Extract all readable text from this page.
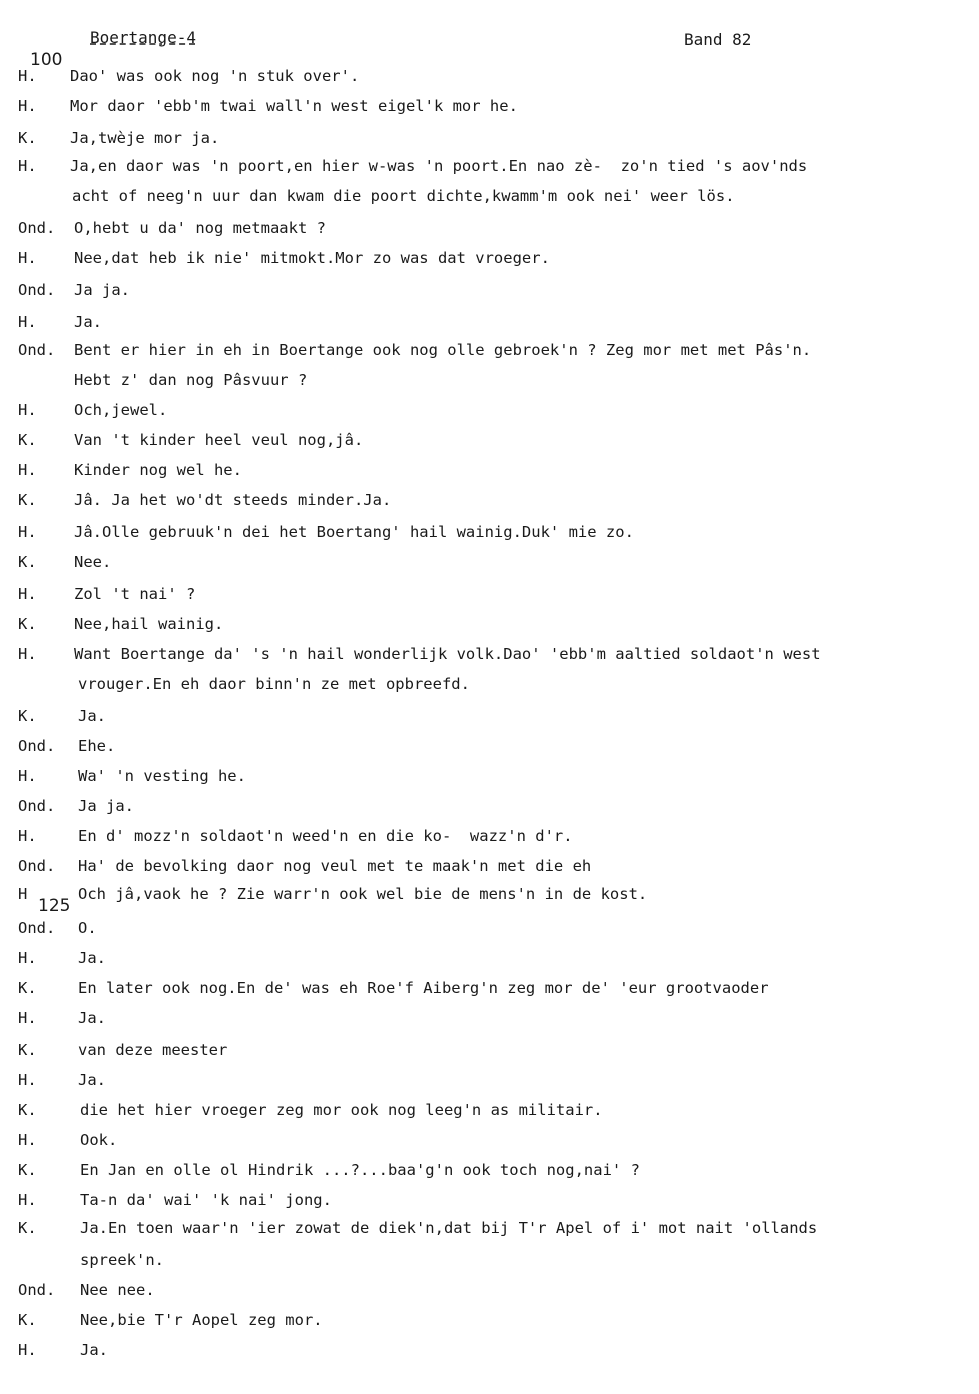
Boertange-4	Band 82
100
125
H.	Dao' was ook nog 'n stuk over'.
H.	Mor daor 'ebb'm twai wall'n west eigel'k mor he.
K.	Ja,twèje mor ja.
H.	Ja,en daor was 'n poort,en hier w-was 'n poort.En nao zè-  zo'n tied 's aov'nds
acht of neeg'n uur dan kwam die poort dichte,kwamm'm ook nei' weer lös.
Ond.	O,hebt u da' nog metmaakt ?
H.	Nee,dat heb ik nie' mitmokt.Mor zo was dat vroeger.
Ond.	Ja ja.
H.	Ja.
Ond.	Bent er hier in eh in Boertange ook nog olle gebroek'n ? Zeg mor met met Pâs'n.
Hebt z' dan nog Pâsvuur ?
H.	Och,jewel.
K.	Van 't kinder heel veul nog,jâ.
H.	Kinder nog wel he.
K.	Jâ. Ja het wo'dt steeds minder.Ja.
H.	Jâ.Olle gebruuk'n dei het Boertang' hail wainig.Duk' mie zo.
K.	Nee.
H.	Zol 't nai' ?
K.	Nee,hail wainig.
H.	Want Boertange da' 's 'n hail wonderlijk volk.Dao' 'ebb'm aaltied soldaot'n west
vrouger.En eh daor binn'n ze met opbreefd.
K.	Ja.
Ond.	Ehe.
H.	Wa' 'n vesting he.
Ond.	Ja ja.
H.	En d' mozz'n soldaot'n weed'n en die ko-  wazz'n d'r.
Ond.	Ha' de bevolking daor nog veul met te maak'n met die eh
H	Och jâ,vaok he ? Zie warr'n ook wel bie de mens'n in de kost.
Ond.	O.
H.	Ja.
K.	En later ook nog.En de' was eh Roe'f Aiberg'n zeg mor de' 'eur grootvaoder
H.	Ja.
K.	van deze meester
H.	Ja.
K.	die het hier vroeger zeg mor ook nog leeg'n as militair.
H.	Ook.
K.	En Jan en olle ol Hindrik ...?...baa'g'n ook toch nog,nai' ?
H.	Ta-n da' wai' 'k nai' jong.
K.	Ja.En toen waar'n 'ier zowat de diek'n,dat bij T'r Apel of i' mot nait 'ollands
spreek'n.
Ond.	Nee nee.
K.	Nee,bie T'r Aopel zeg mor.
H.	Ja.
